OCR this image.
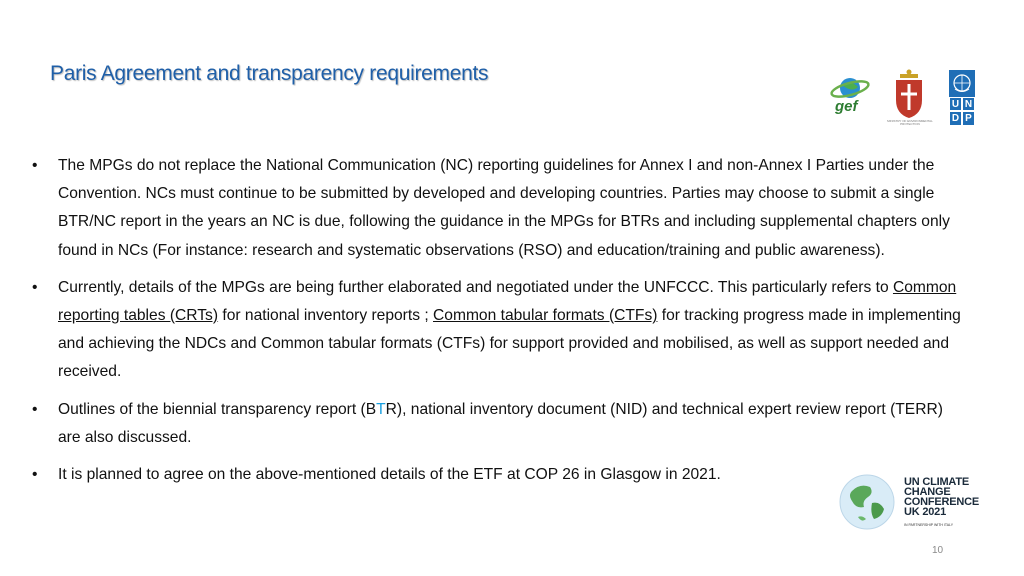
Paris Agreement and transparency requirements
gef
MINISTRY OF ENVIRONMENTAL PROTECTION
U N
D P
• The MPGs do not replace the National Communication (NC) reporting guidelines for Annex I and non-Annex I Parties under the Convention. NCs must continue to be submitted by developed and developing countries. Parties may choose to submit a single BTR/NC report in the years an NC is due, following the guidance in the MPGs for BTRs and including supplemental chapters only found in NCs (For instance: research and systematic observations (RSO) and education/training and public awareness).
• Currently, details of the MPGs are being further elaborated and negotiated under the UNFCCC. This particularly refers to Common reporting tables (CRTs) for national inventory reports ; Common tabular formats (CTFs) for tracking progress made in implementing and achieving the NDCs and Common tabular formats (CTFs) for support provided and mobilised, as well as support needed and received.
• Outlines of the biennial transparency report (BTR), national inventory document (NID) and technical expert review report (TERR) are also discussed.
• It is planned to agree on the above-mentioned details of the ETF at COP 26 in Glasgow in 2021.	UN CLIMATE
CHANGE
CONFERENCE
UK 2021
IN PARTNERSHIP WITH ITALY
10
